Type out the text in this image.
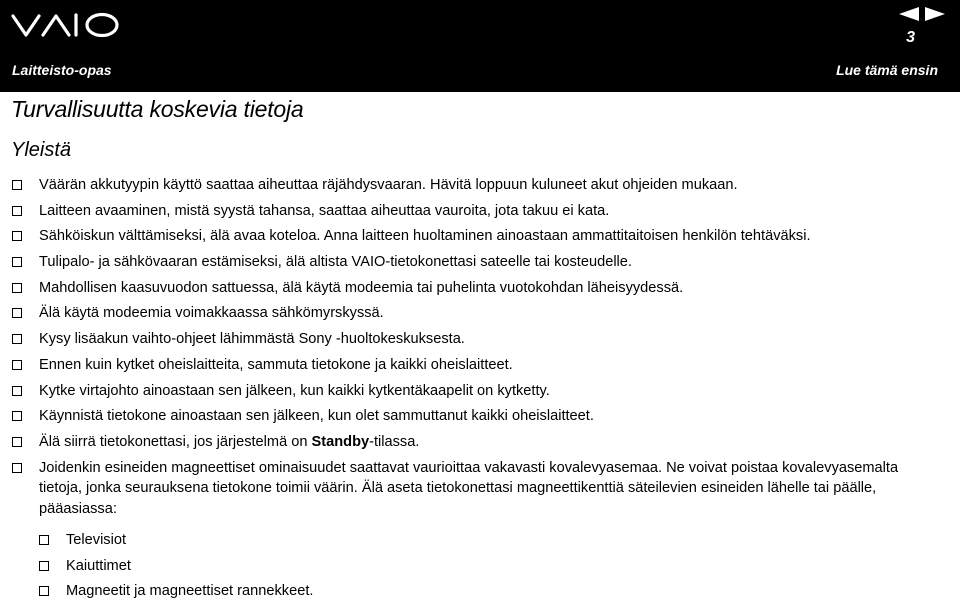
3
Laitteisto-opas	Lue tämä ensin
Turvallisuutta koskevia tietoja
Yleistä
Väärän akkutyypin käyttö saattaa aiheuttaa räjähdysvaaran. Hävitä loppuun kuluneet akut ohjeiden mukaan.
Laitteen avaaminen, mistä syystä tahansa, saattaa aiheuttaa vauroita, jota takuu ei kata.
Sähköiskun välttämiseksi, älä avaa koteloa. Anna laitteen huoltaminen ainoastaan ammattitaitoisen henkilön tehtäväksi.
Tulipalo- ja sähkövaaran estämiseksi, älä altista VAIO-tietokonettasi sateelle tai kosteudelle.
Mahdollisen kaasuvuodon sattuessa, älä käytä modeemia tai puhelinta vuotokohdan läheisyydessä.
Älä käytä modeemia voimakkaassa sähkömyrskyssä.
Kysy lisäakun vaihto-ohjeet lähimmästä Sony -huoltokeskuksesta.
Ennen kuin kytket oheislaitteita, sammuta tietokone ja kaikki oheislaitteet.
Kytke virtajohto ainoastaan sen jälkeen, kun kaikki kytkentäkaapelit on kytketty.
Käynnistä tietokone ainoastaan sen jälkeen, kun olet sammuttanut kaikki oheislaitteet.
Älä siirrä tietokonettasi, jos järjestelmä on Standby-tilassa.
Joidenkin esineiden magneettiset ominaisuudet saattavat vaurioittaa vakavasti kovalevyasemaa. Ne voivat poistaa kovalevyasemalta tietoja, jonka seurauksena tietokone toimii väärin. Älä aseta tietokonettasi magneettikenttiä säteilevien esineiden lähelle tai päälle, pääasiassa:
Televisiot
Kaiuttimet
Magneetit ja magneettiset rannekkeet.
